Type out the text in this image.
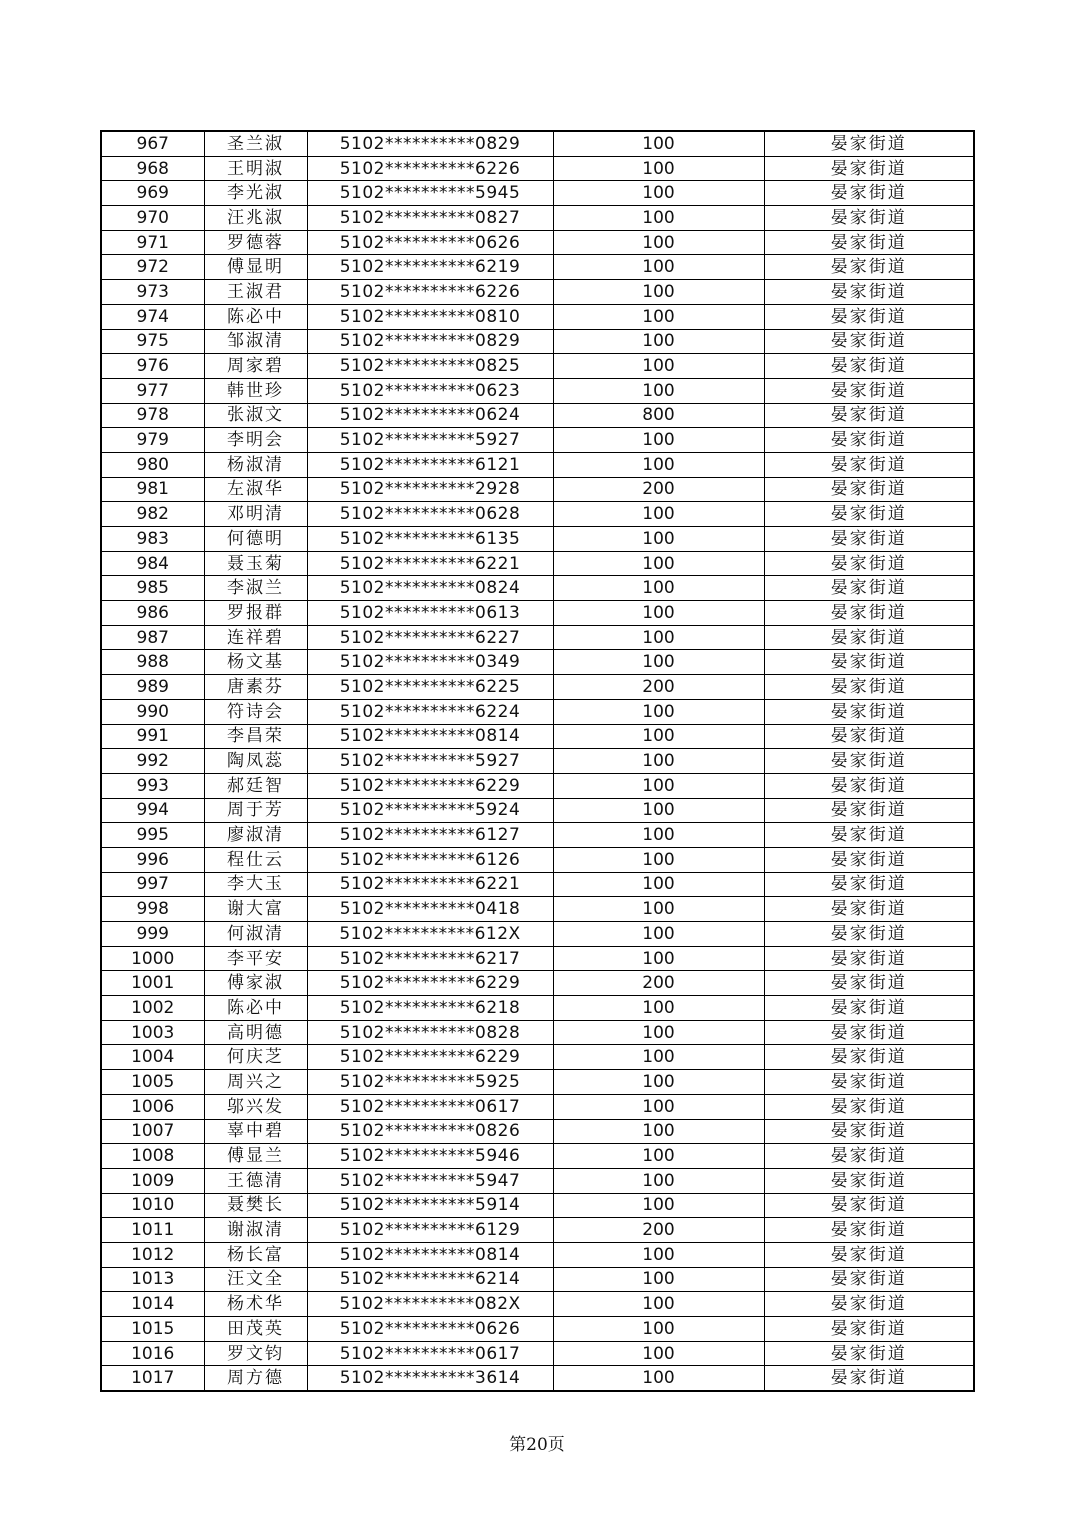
967	圣兰淑	5102**********0829	100	晏家街道
968	王明淑	5102**********6226	100	晏家街道
969	李光淑	5102**********5945	100	晏家街道
970	汪兆淑	5102**********0827	100	晏家街道
971	罗德蓉	5102**********0626	100	晏家街道
972	傅显明	5102**********6219	100	晏家街道
973	王淑君	5102**********6226	100	晏家街道
974	陈必中	5102**********0810	100	晏家街道
975	邹淑清	5102**********0829	100	晏家街道
976	周家碧	5102**********0825	100	晏家街道
977	韩世珍	5102**********0623	100	晏家街道
978	张淑文	5102**********0624	800	晏家街道
979	李明会	5102**********5927	100	晏家街道
980	杨淑清	5102**********6121	100	晏家街道
981	左淑华	5102**********2928	200	晏家街道
982	邓明清	5102**********0628	100	晏家街道
983	何德明	5102**********6135	100	晏家街道
984	聂玉菊	5102**********6221	100	晏家街道
985	李淑兰	5102**********0824	100	晏家街道
986	罗报群	5102**********0613	100	晏家街道
987	连祥碧	5102**********6227	100	晏家街道
988	杨文基	5102**********0349	100	晏家街道
989	唐素芬	5102**********6225	200	晏家街道
990	符诗会	5102**********6224	100	晏家街道
991	李昌荣	5102**********0814	100	晏家街道
992	陶凤蕊	5102**********5927	100	晏家街道
993	郝廷智	5102**********6229	100	晏家街道
994	周于芳	5102**********5924	100	晏家街道
995	廖淑清	5102**********6127	100	晏家街道
996	程仕云	5102**********6126	100	晏家街道
997	李大玉	5102**********6221	100	晏家街道
998	谢大富	5102**********0418	100	晏家街道
999	何淑清	5102**********612X	100	晏家街道
1000	李平安	5102**********6217	100	晏家街道
1001	傅家淑	5102**********6229	200	晏家街道
1002	陈必中	5102**********6218	100	晏家街道
1003	高明德	5102**********0828	100	晏家街道
1004	何庆芝	5102**********6229	100	晏家街道
1005	周兴之	5102**********5925	100	晏家街道
1006	邬兴发	5102**********0617	100	晏家街道
1007	辜中碧	5102**********0826	100	晏家街道
1008	傅显兰	5102**********5946	100	晏家街道
1009	王德清	5102**********5947	100	晏家街道
1010	聂樊长	5102**********5914	100	晏家街道
1011	谢淑清	5102**********6129	200	晏家街道
1012	杨长富	5102**********0814	100	晏家街道
1013	汪文全	5102**********6214	100	晏家街道
1014	杨术华	5102**********082X	100	晏家街道
1015	田茂英	5102**********0626	100	晏家街道
1016	罗文钧	5102**********0617	100	晏家街道
1017	周方德	5102**********3614	100	晏家街道
第20页
